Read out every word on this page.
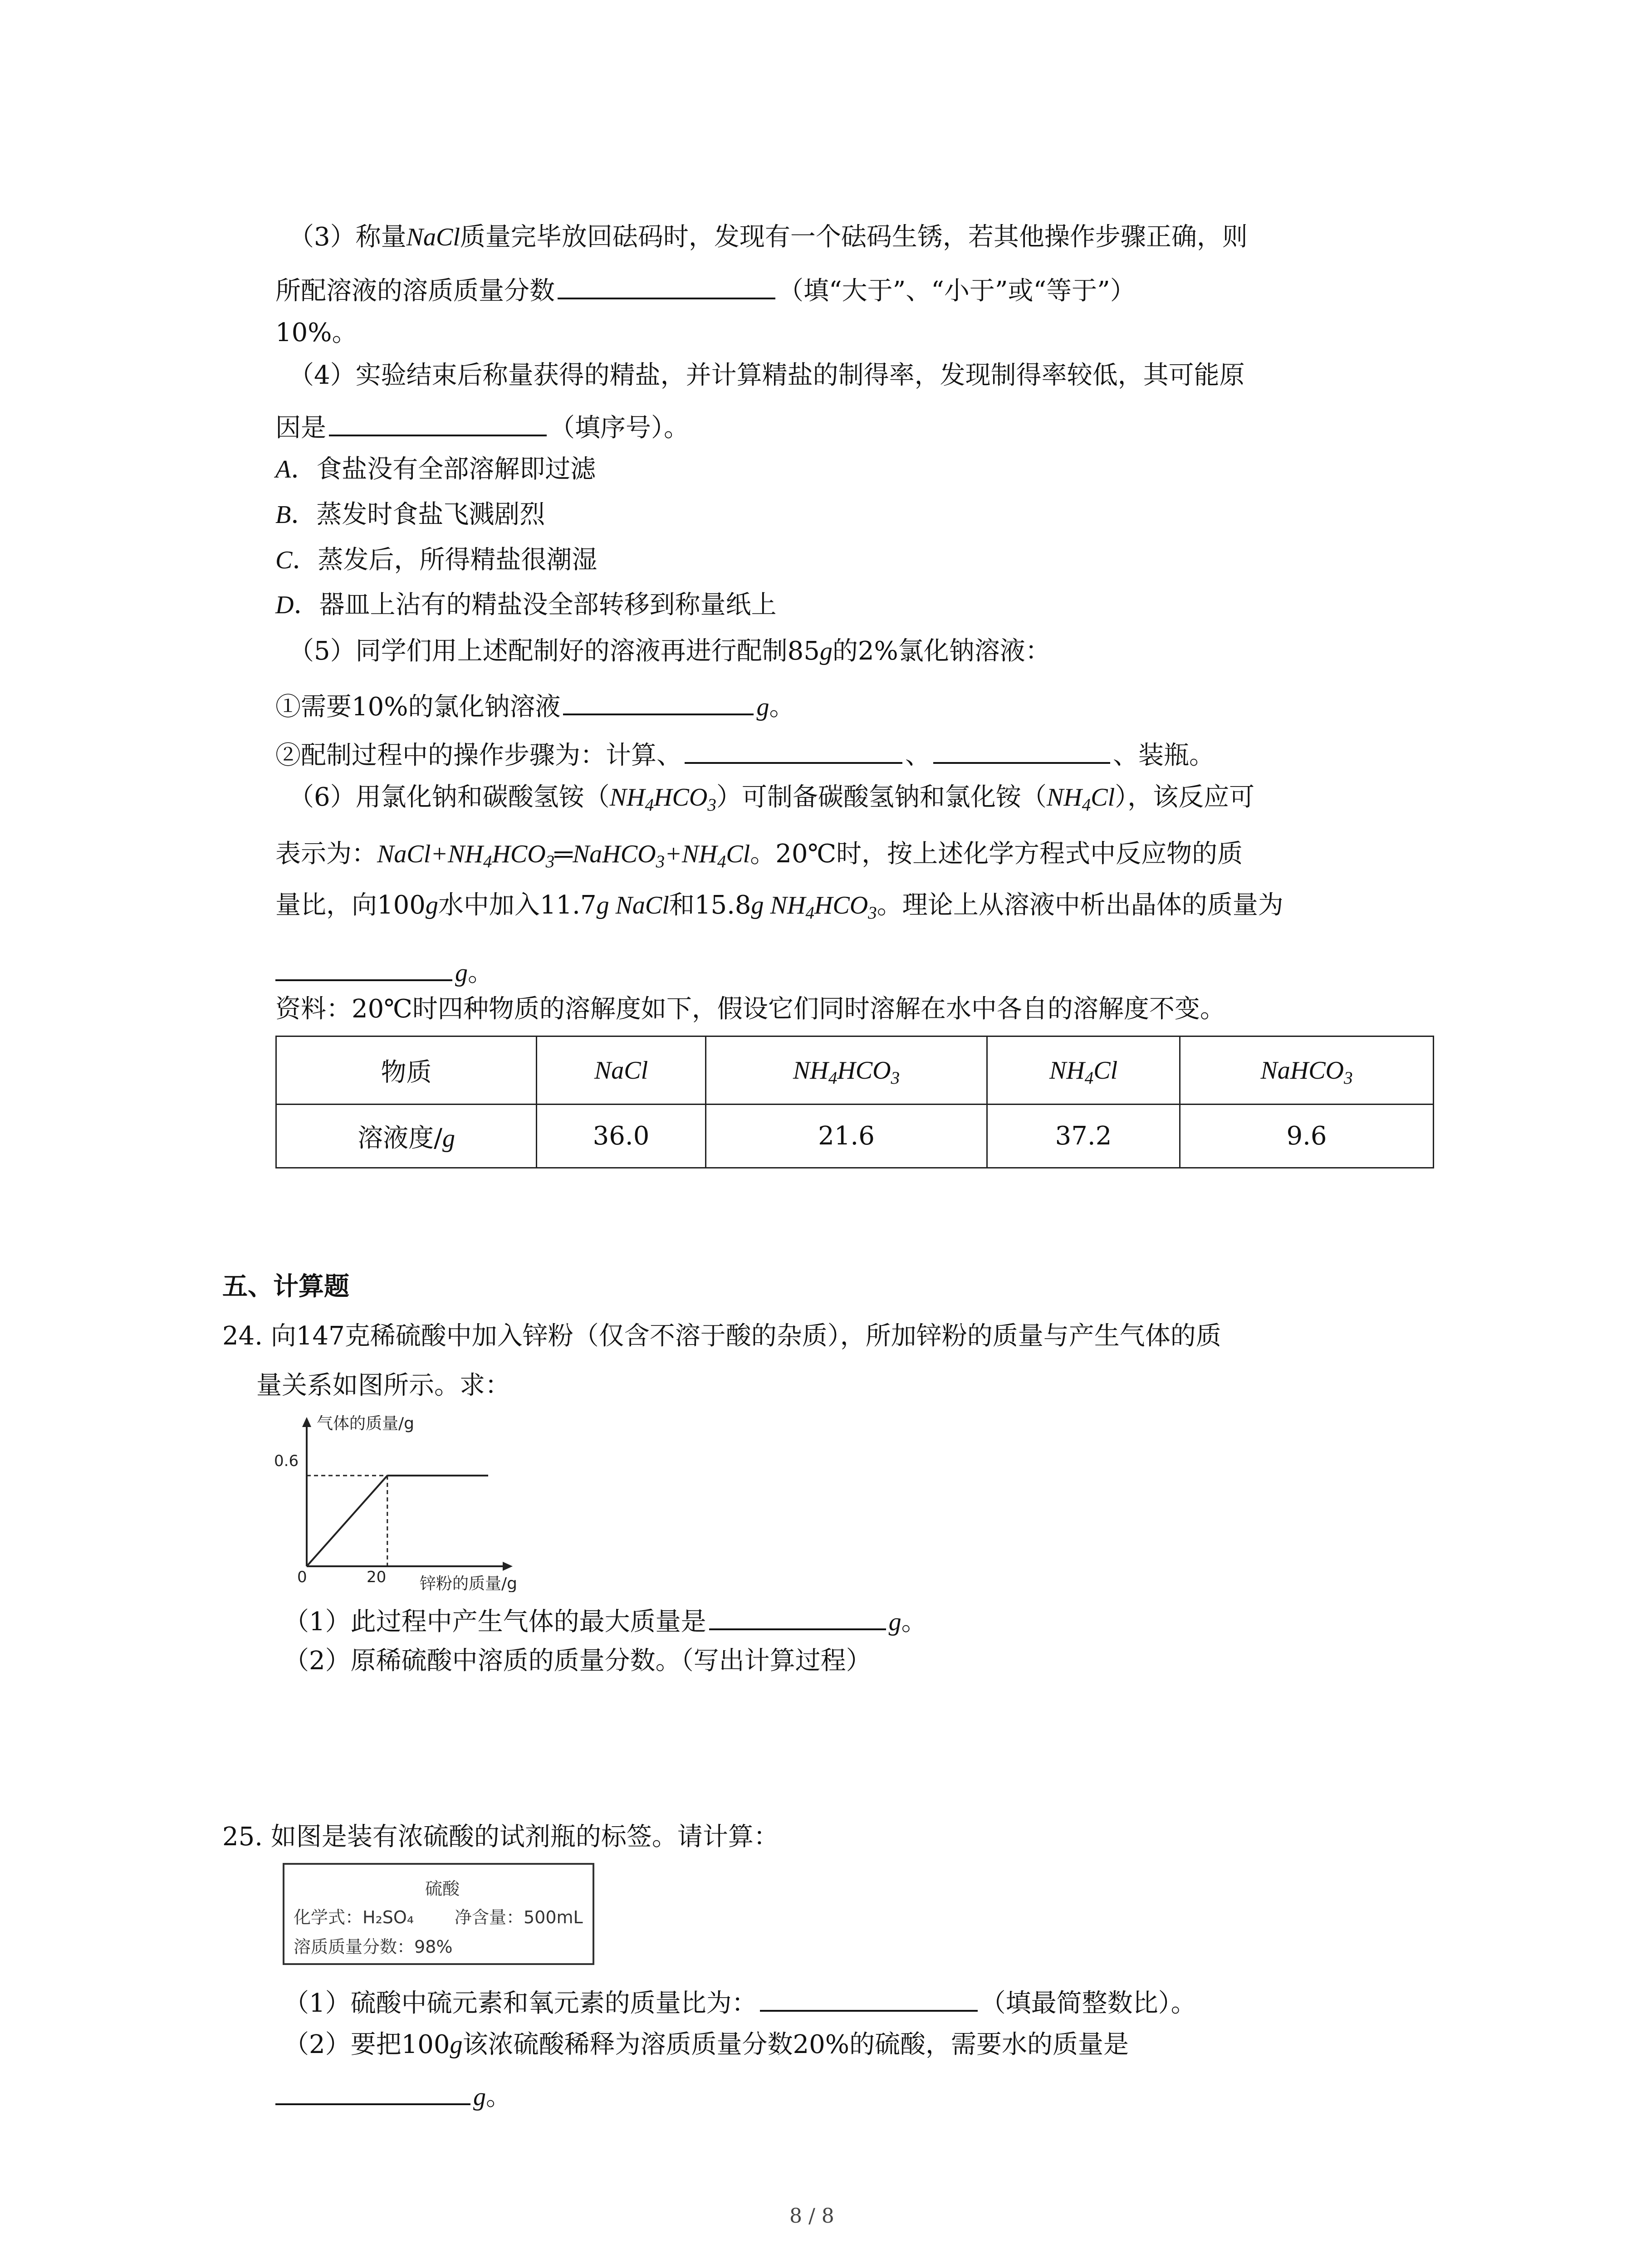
（3）称量NaCl质量完毕放回砝码时，发现有一个砝码生锈，若其他操作步骤正确，则
所配溶液的溶质质量分数	（填“大于”、“小于”或“等于”）
10%。
（4）实验结束后称量获得的精盐，并计算精盐的制得率，发现制得率较低，其可能原
因是	（填序号）。
A．食盐没有全部溶解即过滤
B．蒸发时食盐飞溅剧烈
C．蒸发后，所得精盐很潮湿
D．器皿上沾有的精盐没全部转移到称量纸上
（5）同学们用上述配制好的溶液再进行配制85g的2%氯化钠溶液：
①需要10%的氯化钠溶液	g。
②配制过程中的操作步骤为：计算、	、	、装瓶。
（6）用氯化钠和碳酸氢铵$(NH_4HCO_3)$可制备碳酸氢钠和氯化铵$(NH_4Cl)$，该反应可
表示为：$NaCl+NH_4HCO_3═NaHCO_3+NH_4Cl$。20℃时，按上述化学方程式中反应物的质
量比，向100g水中加入11.7g NaCl和15.8g $NH_4HCO_3$。理论上从溶液中析出晶体的质量为
g。
资料：20℃时四种物质的溶解度如下，假设它们同时溶解在水中各自的溶解度不变。
物质	NaCl	$NH_4HCO_3$	$NH_4Cl$	NaHCO$_3$
溶液度/g	36.0	21.6	37.2	9.6
五、计算题
24. 向147克稀硫酸中加入锌粉（仅含不溶于酸的杂质），所加锌粉的质量与产生气体的质
量关系如图所示。求：
气体的质量/g
锌粉的质量/g
0.6
20
0
（1）此过程中产生气体的最大质量是	g。
（2）原稀硫酸中溶质的质量分数。（写出计算过程）
25. 如图是装有浓硫酸的试剂瓶的标签。请计算：
硫酸
化学式：H₂SO₄ 净含量：500mL
溶质质量分数：98%
（1）硫酸中硫元素和氧元素的质量比为：	（填最简整数比）。
（2）要把100g该浓硫酸稀释为溶质质量分数20%的硫酸，需要水的质量是
g。
8 / 8
